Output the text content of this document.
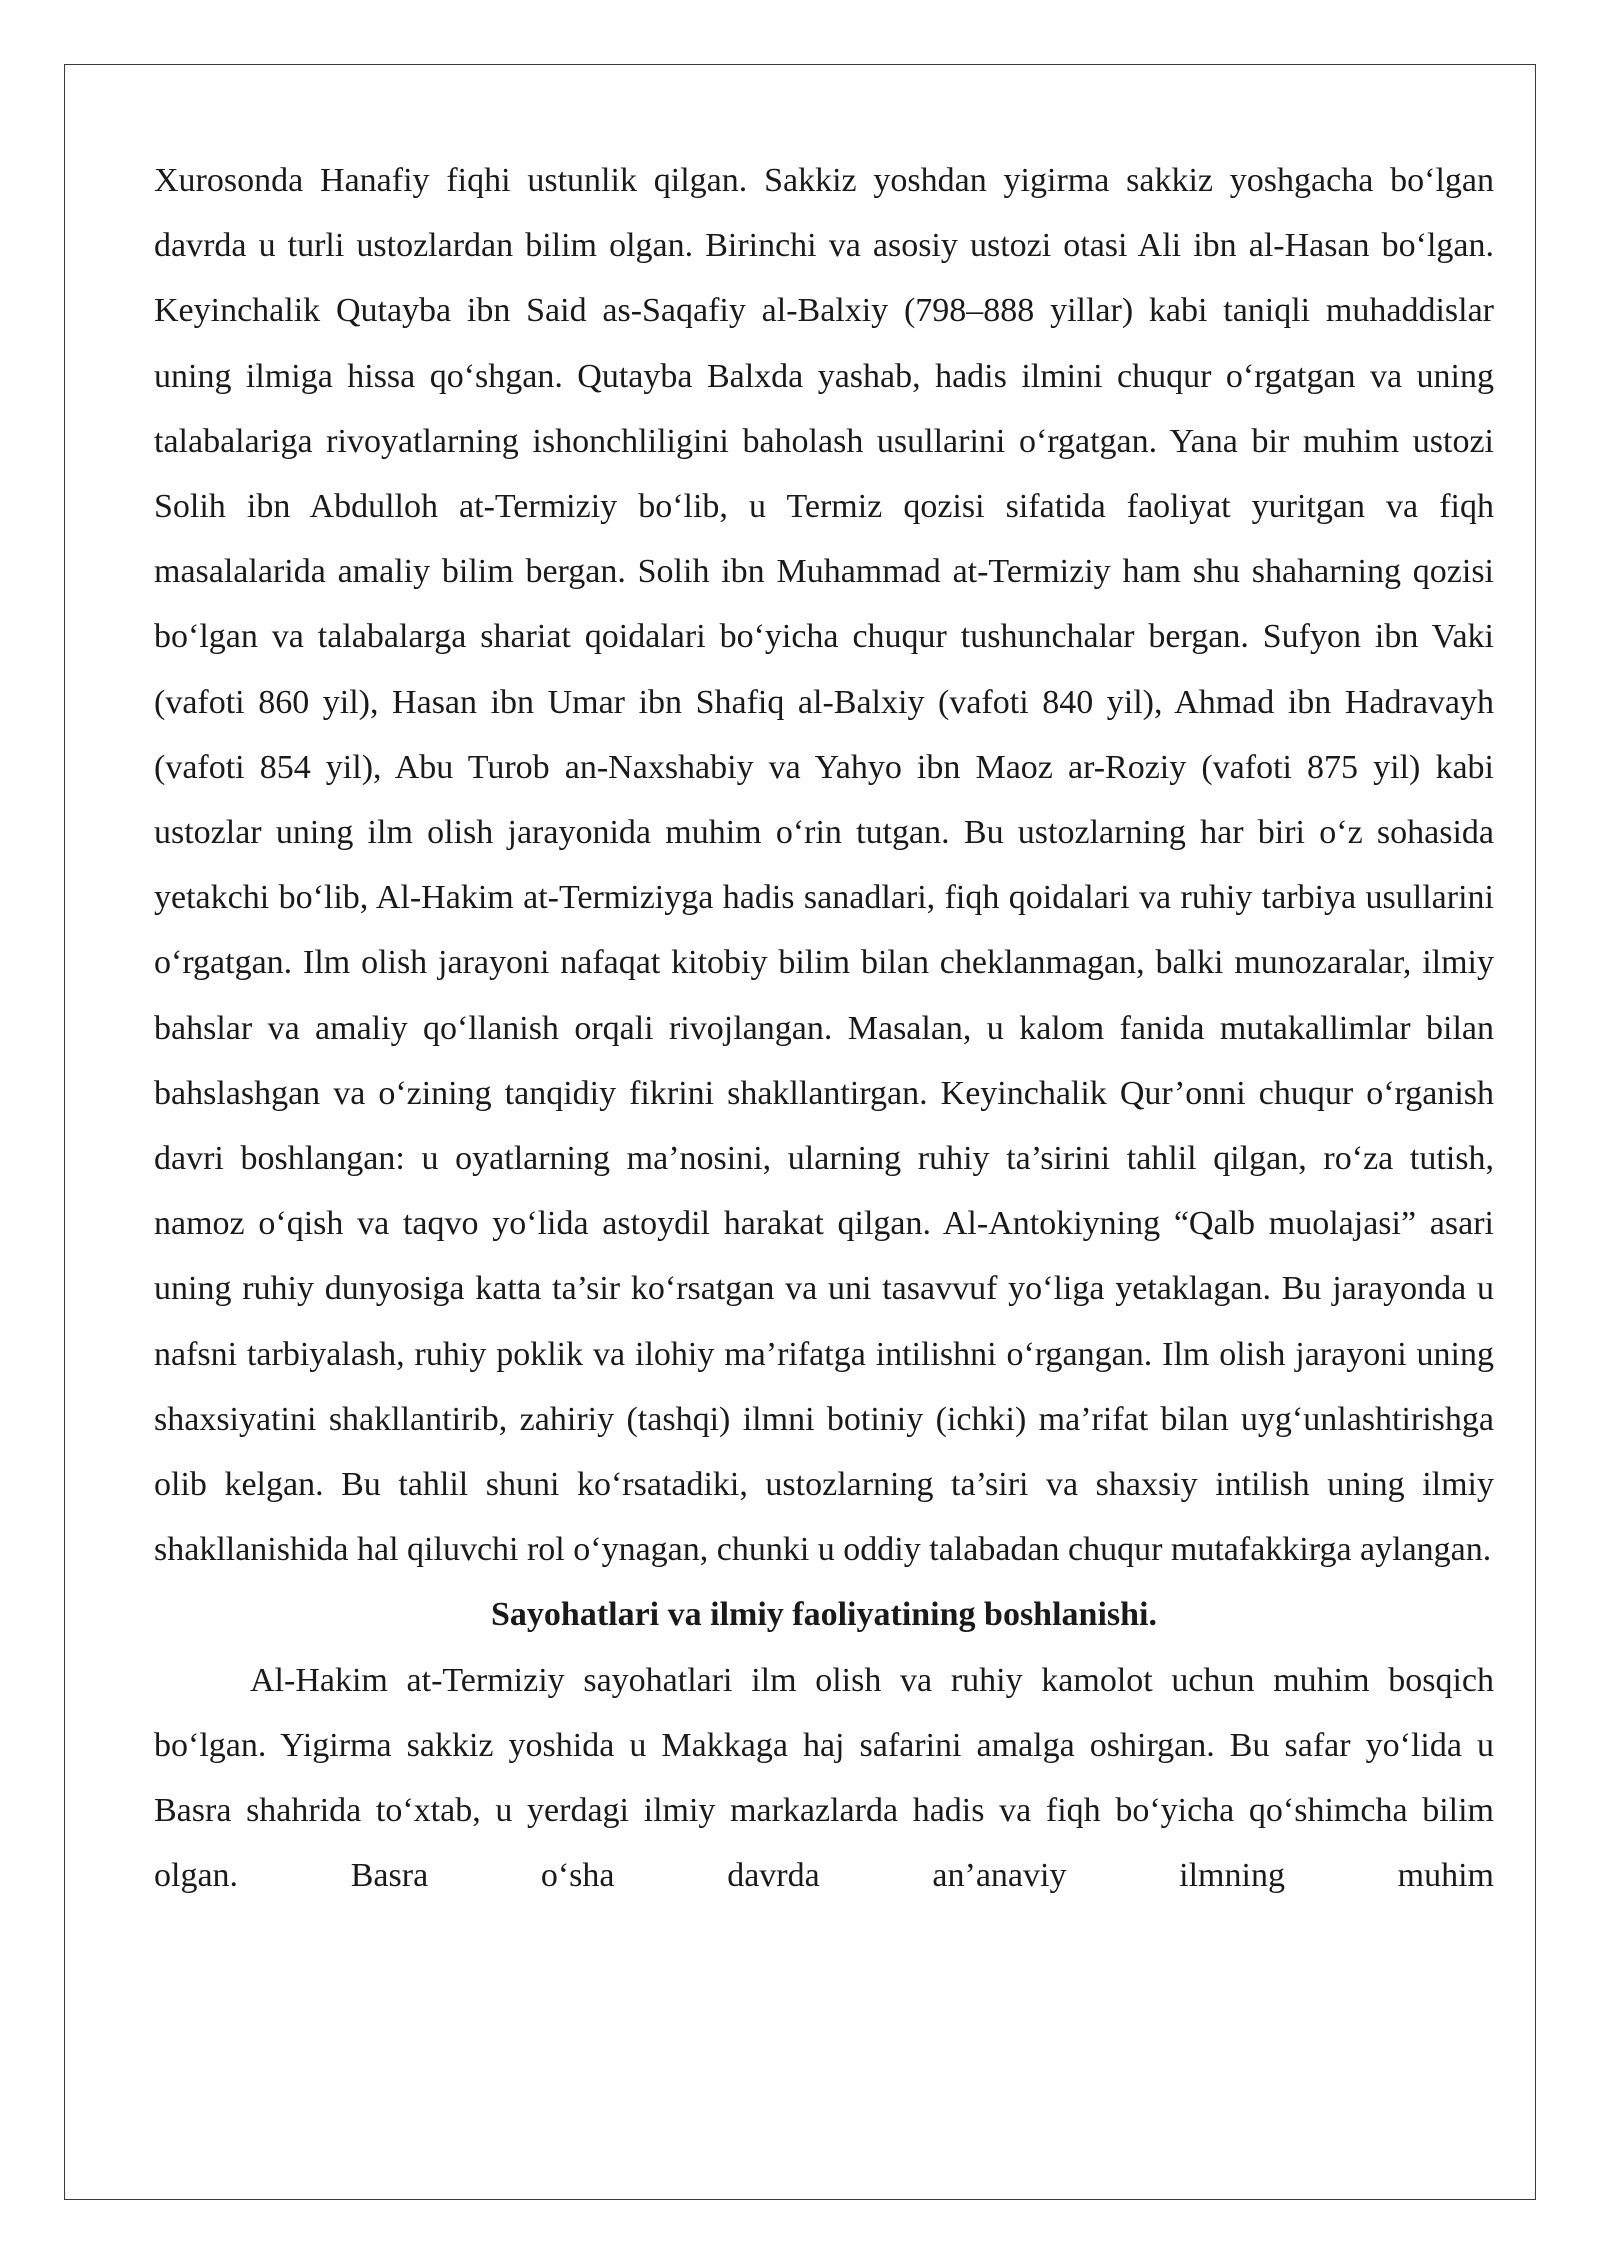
Xurosonda Hanafiy fiqhi ustunlik qilgan. Sakkiz yoshdan yigirma sakkiz yoshgacha bo‘lgan davrda u turli ustozlardan bilim olgan. Birinchi va asosiy ustozi otasi Ali ibn al-Hasan bo‘lgan. Keyinchalik Qutayba ibn Said as-Saqafiy al-Balxiy (798–888 yillar) kabi taniqli muhaddislar uning ilmiga hissa qo‘shgan. Qutayba Balxda yashab, hadis ilmini chuqur o‘rgatgan va uning talabalariga rivoyatlarning ishonchliligini baholash usullarini o‘rgatgan. Yana bir muhim ustozi Solih ibn Abdulloh at-Termiziy bo‘lib, u Termiz qozisi sifatida faoliyat yuritgan va fiqh masalalarida amaliy bilim bergan. Solih ibn Muhammad at-Termiziy ham shu shaharning qozisi bo‘lgan va talabalarga shariat qoidalari bo‘yicha chuqur tushunchalar bergan. Sufyon ibn Vaki (vafoti 860 yil), Hasan ibn Umar ibn Shafiq al-Balxiy (vafoti 840 yil), Ahmad ibn Hadravayh (vafoti 854 yil), Abu Turob an-Naxshabiy va Yahyo ibn Maoz ar-Roziy (vafoti 875 yil) kabi ustozlar uning ilm olish jarayonida muhim o‘rin tutgan. Bu ustozlarning har biri o‘z sohasida yetakchi bo‘lib, Al-Hakim at-Termiziyga hadis sanadlari, fiqh qoidalari va ruhiy tarbiya usullarini o‘rgatgan. Ilm olish jarayoni nafaqat kitobiy bilim bilan cheklanmagan, balki munozaralar, ilmiy bahslar va amaliy qo‘llanish orqali rivojlangan. Masalan, u kalom fanida mutakallimlar bilan bahslashgan va o‘zining tanqidiy fikrini shakllantirgan. Keyinchalik Qur’onni chuqur o‘rganish davri boshlangan: u oyatlarning ma’nosini, ularning ruhiy ta’sirini tahlil qilgan, ro‘za tutish, namoz o‘qish va taqvo yo‘lida astoydil harakat qilgan. Al-Antokiyning “Qalb muolajasi” asari uning ruhiy dunyosiga katta ta’sir ko‘rsatgan va uni tasavvuf yo‘liga yetaklagan. Bu jarayonda u nafsni tarbiyalash, ruhiy poklik va ilohiy ma’rifatga intilishni o‘rgangan. Ilm olish jarayoni uning shaxsiyatini shakllantirib, zahiriy (tashqi) ilmni botiniy (ichki) ma’rifat bilan uyg‘unlashtirishga olib kelgan. Bu tahlil shuni ko‘rsatadiki, ustozlarning ta’siri va shaxsiy intilish uning ilmiy shakllanishida hal qiluvchi rol o‘ynagan, chunki u oddiy talabadan chuqur mutafakkirga aylangan.

Sayohatlari va ilmiy faoliyatining boshlanishi.

Al-Hakim at-Termiziy sayohatlari ilm olish va ruhiy kamolot uchun muhim bosqich bo‘lgan. Yigirma sakkiz yoshida u Makkaga haj safarini amalga oshirgan. Bu safar yo‘lida u Basra shahrida to‘xtab, u yerdagi ilmiy markazlarda hadis va fiqh bo‘yicha qo‘shimcha bilim olgan. Basra o‘sha davrda an’anaviy ilmning muhim
